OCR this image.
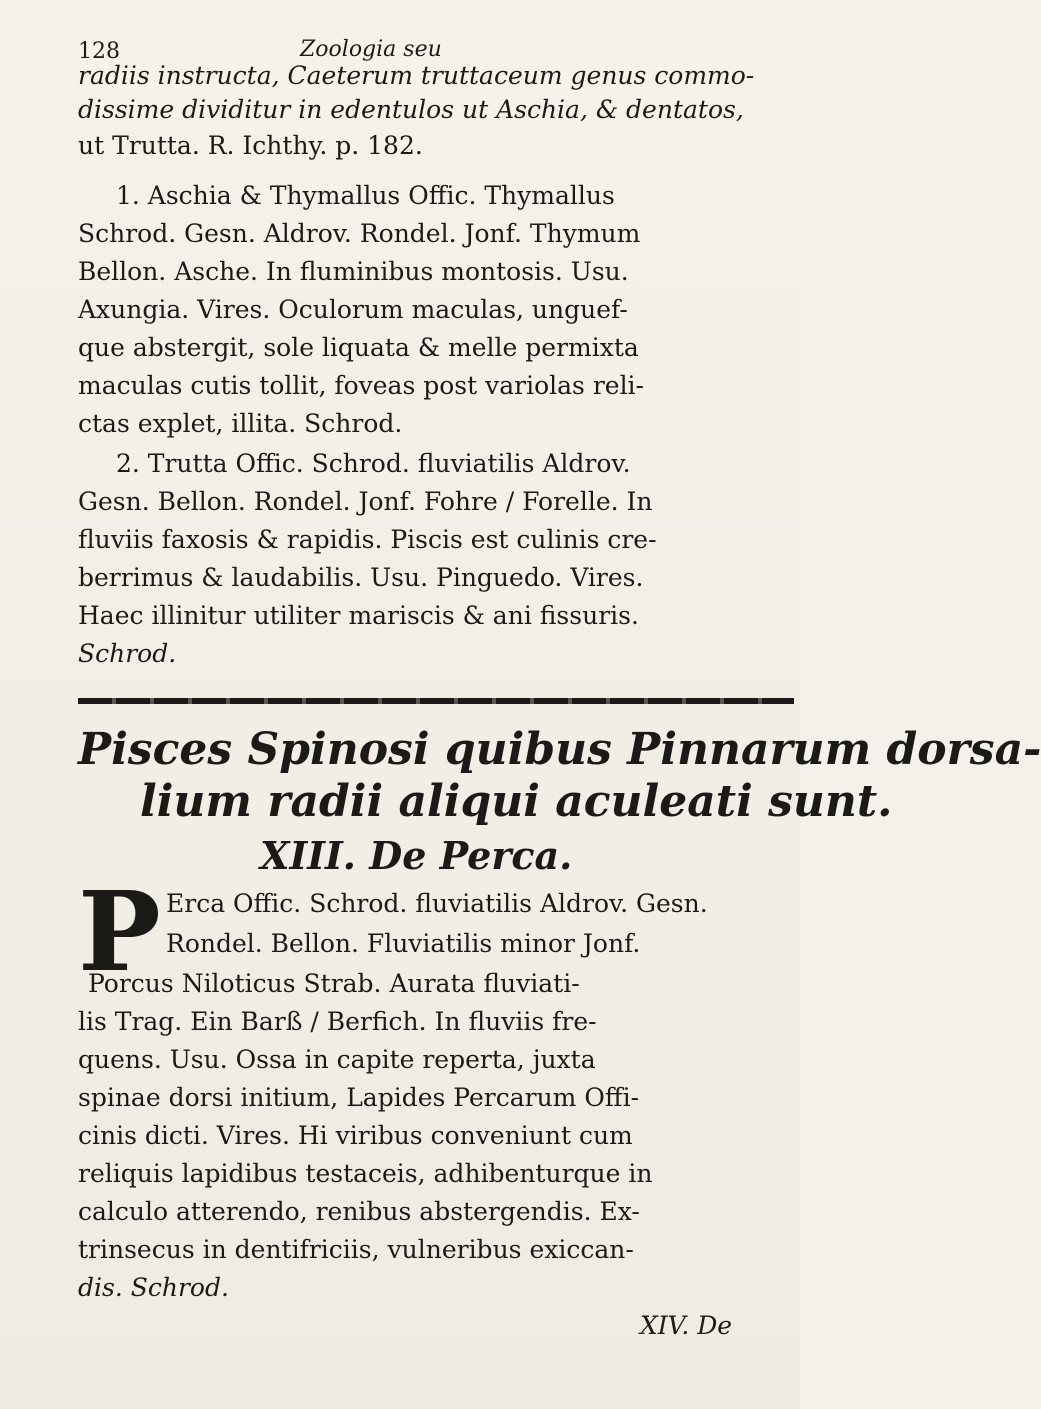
128	Zoologia seu
radiis instructa, Caeterum truttaceum genus commo-
dissime dividitur in edentulos ut Aschia, & dentatos,
ut Trutta. R. Ichthy. p. 182.
1. Aschia & Thymallus Offic. Thymallus
Schrod. Gesn. Aldrov. Rondel. Jonf. Thymum
Bellon. Asche. In fluminibus montosis. Usu.
Axungia. Vires. Oculorum maculas, unguef-
que abstergit, sole liquata & melle permixta
maculas cutis tollit, foveas post variolas reli-
ctas explet, illita. Schrod.
2. Trutta Offic. Schrod. fluviatilis Aldrov.
Gesn. Bellon. Rondel. Jonf. Fohre / Forelle. In
fluviis faxosis & rapidis. Piscis est culinis cre-
berrimus & laudabilis. Usu. Pinguedo. Vires.
Haec illinitur utiliter mariscis & ani fissuris.
Schrod.
Pisces Spinosi quibus Pinnarum dorsa-
lium radii aliqui aculeati sunt.
XIII. De Perca.
P Erca Offic. Schrod. fluviatilis Aldrov. Gesn.
Rondel. Bellon. Fluviatilis minor Jonf.
Porcus Niloticus Strab. Aurata fluviati-
lis Trag. Ein Barß / Berfich. In fluviis fre-
quens. Usu. Ossa in capite reperta, juxta
spinae dorsi initium, Lapides Percarum Offi-
cinis dicti. Vires. Hi viribus conveniunt cum
reliquis lapidibus testaceis, adhibenturque in
calculo atterendo, renibus abstergendis. Ex-
trinsecus in dentifriciis, vulneribus exiccan-
dis. Schrod.
XIV. De
